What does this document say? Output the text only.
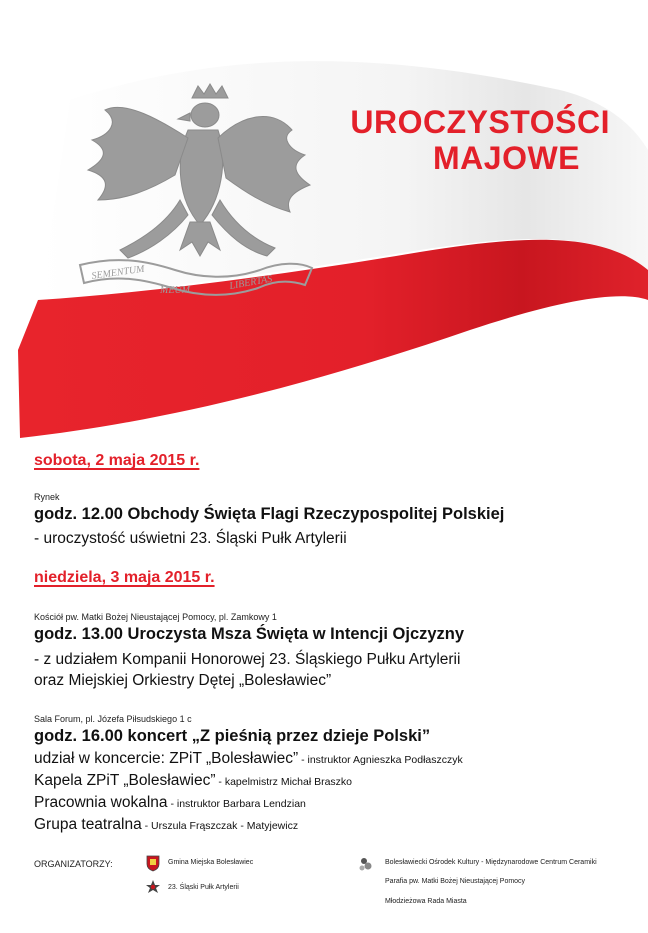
SEMENTUM
MEUM	LIBERTAS
UROCZYSTOŚCI
MAJOWE
sobota, 2 maja 2015 r.
Rynek
godz. 12.00 Obchody Święta Flagi Rzeczypospolitej Polskiej
- uroczystość uświetni 23. Śląski Pułk Artylerii
niedziela, 3 maja 2015 r.
Kościół pw. Matki Bożej Nieustającej Pomocy, pl. Zamkowy 1
godz. 13.00 Uroczysta Msza Święta w Intencji Ojczyzny
- z udziałem Kompanii Honorowej 23. Śląskiego Pułku Artylerii
oraz Miejskiej Orkiestry Dętej „Bolesławiec”
Sala Forum, pl. Józefa Piłsudskiego 1 c
godz. 16.00 koncert „Z pieśnią przez dzieje Polski”
udział w koncercie: ZPiT „Bolesławiec” - instruktor Agnieszka Podłaszczyk
Kapela ZPiT „Bolesławiec” - kapelmistrz Michał Braszko
Pracownia wokalna - instruktor Barbara Lendzian
Grupa teatralna - Urszula Frąszczak - Matyjewicz
ORGANIZATORZY:	Gmina Miejska Bolesławiec
23. Śląski Pułk Artylerii
Bolesławiecki Ośrodek Kultury - Międzynarodowe Centrum Ceramiki
Parafia pw. Matki Bożej Nieustającej Pomocy
Młodzieżowa Rada Miasta
